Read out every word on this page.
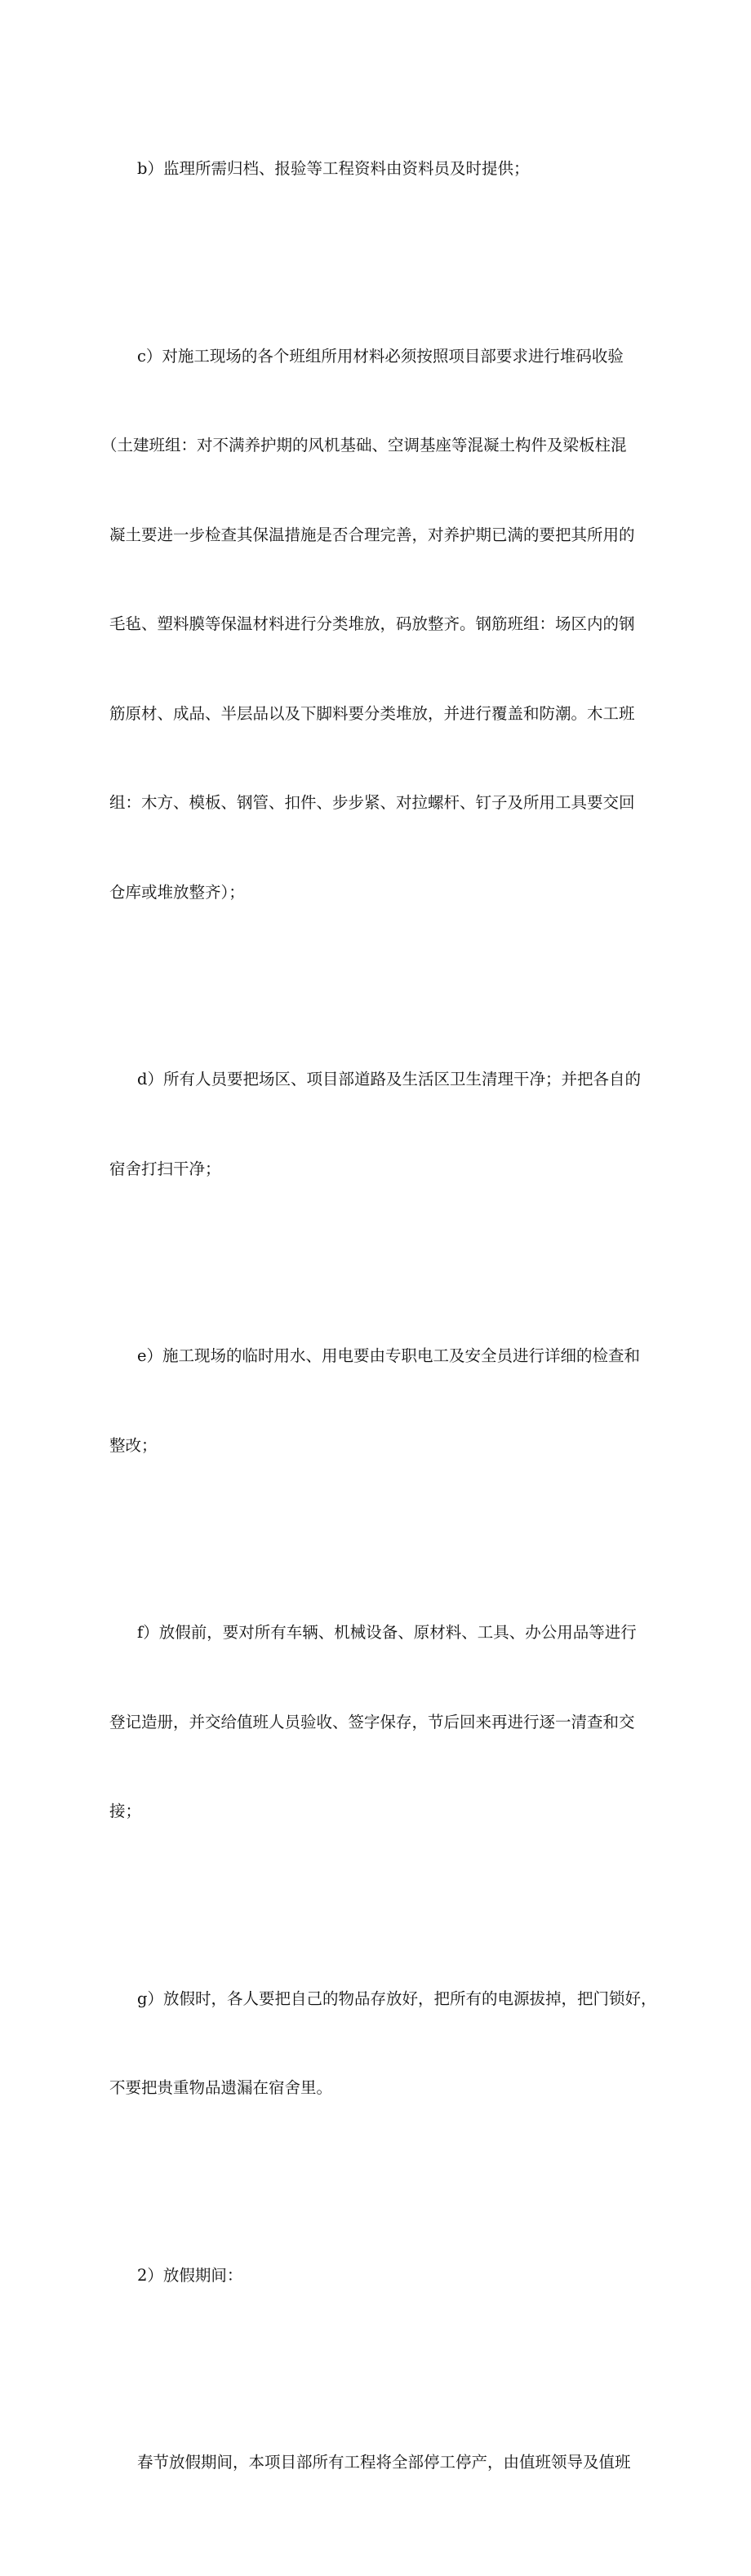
b）监理所需归档、报验等工程资料由资料员及时提供；

c）对施工现场的各个班组所用材料必须按照项目部要求进行堆码收验

（土建班组：对不满养护期的风机基础、空调基座等混凝土构件及梁板柱混

凝土要进一步检查其保温措施是否合理完善，对养护期已满的要把其所用的

毛毡、塑料膜等保温材料进行分类堆放，码放整齐。钢筋班组：场区内的钢

筋原材、成品、半层品以及下脚料要分类堆放，并进行覆盖和防潮。木工班

组：木方、模板、钢管、扣件、步步紧、对拉螺杆、钉子及所用工具要交回

仓库或堆放整齐）；

d）所有人员要把场区、项目部道路及生活区卫生清理干净；并把各自的

宿舍打扫干净；

e）施工现场的临时用水、用电要由专职电工及安全员进行详细的检查和

整改；

f）放假前，要对所有车辆、机械设备、原材料、工具、办公用品等进行

登记造册，并交给值班人员验收、签字保存，节后回来再进行逐一清查和交

接；

g）放假时，各人要把自己的物品存放好，把所有的电源拔掉，把门锁好，

不要把贵重物品遗漏在宿舍里。

2）放假期间：

春节放假期间，本项目部所有工程将全部停工停产，由值班领导及值班
